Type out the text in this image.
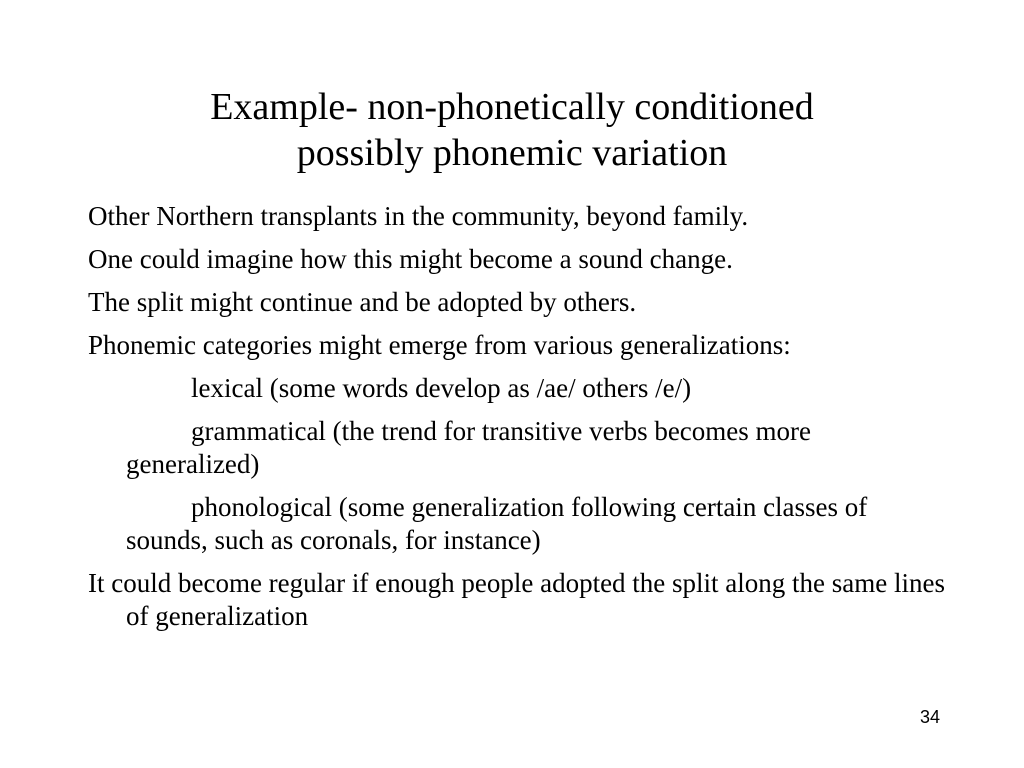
Example- non-phonetically conditioned
possibly phonemic variation

Other Northern transplants in the community, beyond family.

One could imagine how this might become a sound change.

The split might continue and be adopted by others.

Phonemic categories might emerge from various generalizations:

lexical (some words develop as /ae/ others /e/)

grammatical (the trend for transitive verbs becomes more generalized)

phonological (some generalization following certain classes of sounds, such as coronals, for instance)

It could become regular if enough people adopted the split along the same lines of generalization

34
